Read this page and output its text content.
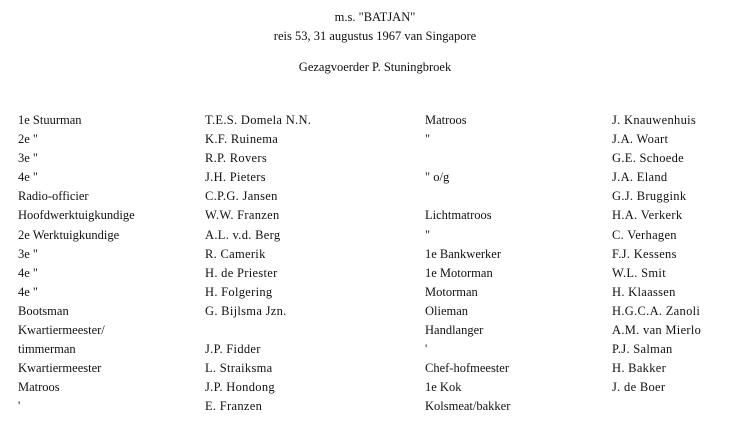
m.s. "BATJAN"
reis 53, 31 augustus 1967 van Singapore
Gezagvoerder P. Stuningbroek
1e Stuurman
2e "
3e "
4e "
Radio-officier
Hoofdwerktuigkundige
2e Werktuigkundige
3e "
4e "
4e "
Bootsman
Kwartiermeester/
timmerman
Kwartiermeester
Matroos
'
T.E.S. Domela N.N.
K.F. Ruinema
R.P. Rovers
J.H. Pieters
C.P.G. Jansen
W.W. Franzen
A.L. v.d. Berg
R. Camerik
H. de Priester
H. Folgering
G. Bijlsma Jzn.
J.P. Fidder
L. Straiksma
J.P. Hondong
E. Franzen
Matroos
"
" o/g
Lichtmatroos
"
1e Bankwerker
1e Motorman
Motorman
Olieman
Handlanger
'
Chef-hofmeester
1e Kok
Kolsmeat/bakker
J. Knauwenhuis
J.A. Woart
G.E. Schoede
J.A. Eland
G.J. Bruggink
H.A. Verkerk
C. Verhagen
F.J. Kessens
W.L. Smit
H. Klaassen
H.G.C.A. Zanoli
A.M. van Mierlo
P.J. Salman
H. Bakker
J. de Boer
